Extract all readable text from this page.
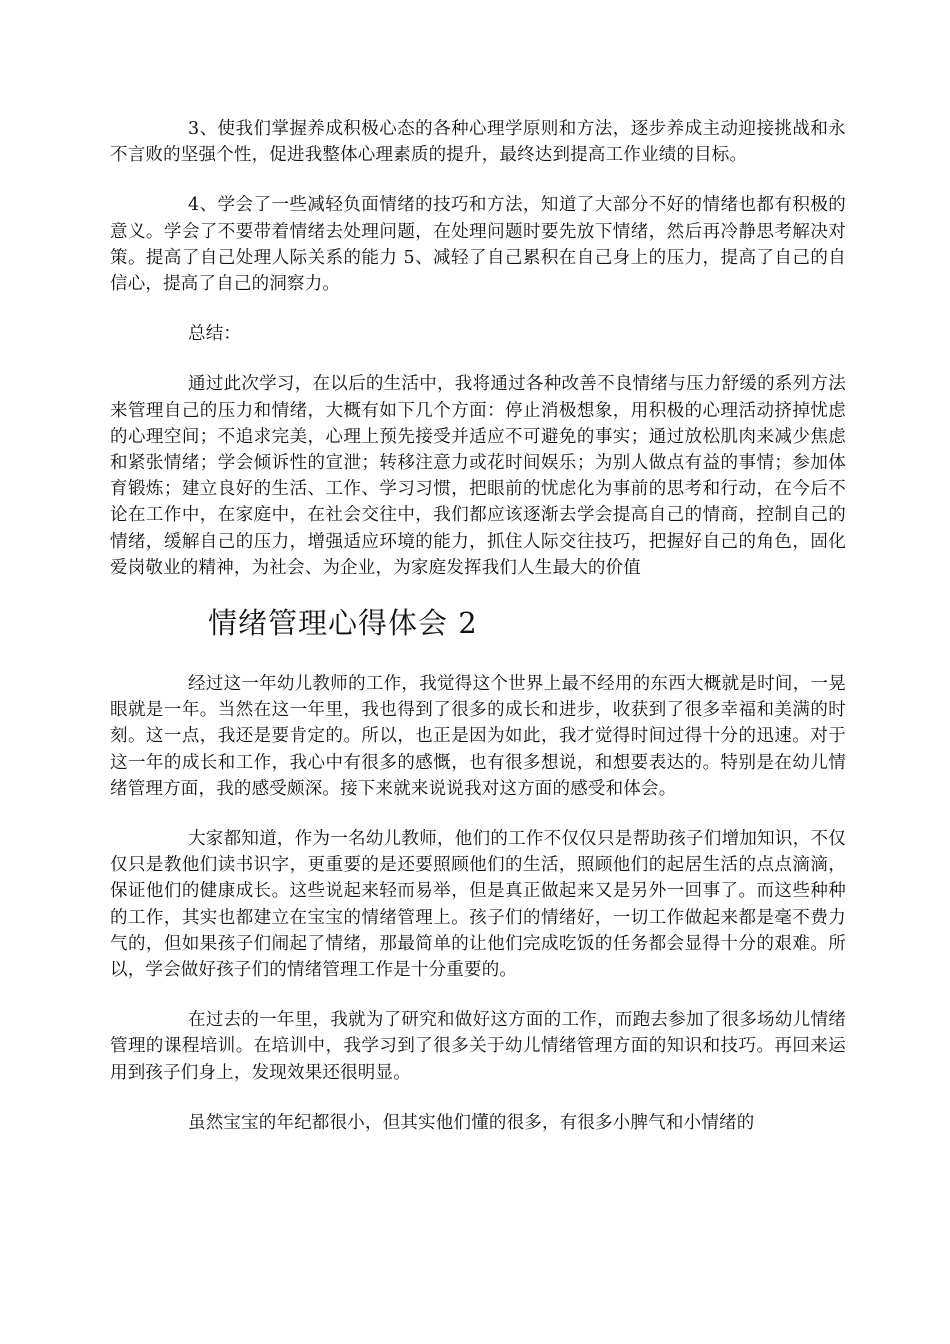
3、使我们掌握养成积极心态的各种心理学原则和方法，逐步养成主动迎接挑战和永不言败的坚强个性，促进我整体心理素质的提升，最终达到提高工作业绩的目标。

4、学会了一些减轻负面情绪的技巧和方法，知道了大部分不好的情绪也都有积极的意义。学会了不要带着情绪去处理问题，在处理问题时要先放下情绪，然后再冷静思考解决对策。提高了自己处理人际关系的能力 5、减轻了自己累积在自己身上的压力，提高了自己的自信心，提高了自己的洞察力。

总结：

通过此次学习，在以后的生活中，我将通过各种改善不良情绪与压力舒缓的系列方法来管理自己的压力和情绪，大概有如下几个方面：停止消极想象，用积极的心理活动挤掉忧虑的心理空间；不追求完美，心理上预先接受并适应不可避免的事实；通过放松肌肉来减少焦虑和紧张情绪；学会倾诉性的宣泄；转移注意力或花时间娱乐；为别人做点有益的事情；参加体育锻炼；建立良好的生活、工作、学习习惯，把眼前的忧虑化为事前的思考和行动，在今后不论在工作中，在家庭中，在社会交往中，我们都应该逐渐去学会提高自己的情商，控制自己的情绪，缓解自己的压力，增强适应环境的能力，抓住人际交往技巧，把握好自己的角色，固化爱岗敬业的精神，为社会、为企业，为家庭发挥我们人生最大的价值

情绪管理心得体会 2

经过这一年幼儿教师的工作，我觉得这个世界上最不经用的东西大概就是时间，一晃眼就是一年。当然在这一年里，我也得到了很多的成长和进步，收获到了很多幸福和美满的时刻。这一点，我还是要肯定的。所以，也正是因为如此，我才觉得时间过得十分的迅速。对于这一年的成长和工作，我心中有很多的感慨，也有很多想说，和想要表达的。特别是在幼儿情绪管理方面，我的感受颇深。接下来就来说说我对这方面的感受和体会。

大家都知道，作为一名幼儿教师，他们的工作不仅仅只是帮助孩子们增加知识，不仅仅只是教他们读书识字，更重要的是还要照顾他们的生活，照顾他们的起居生活的点点滴滴，保证他们的健康成长。这些说起来轻而易举，但是真正做起来又是另外一回事了。而这些种种的工作，其实也都建立在宝宝的情绪管理上。孩子们的情绪好，一切工作做起来都是毫不费力气的，但如果孩子们闹起了情绪，那最简单的让他们完成吃饭的任务都会显得十分的艰难。所以，学会做好孩子们的情绪管理工作是十分重要的。

在过去的一年里，我就为了研究和做好这方面的工作，而跑去参加了很多场幼儿情绪管理的课程培训。在培训中，我学习到了很多关于幼儿情绪管理方面的知识和技巧。再回来运用到孩子们身上，发现效果还很明显。

虽然宝宝的年纪都很小，但其实他们懂的很多，有很多小脾气和小情绪的
